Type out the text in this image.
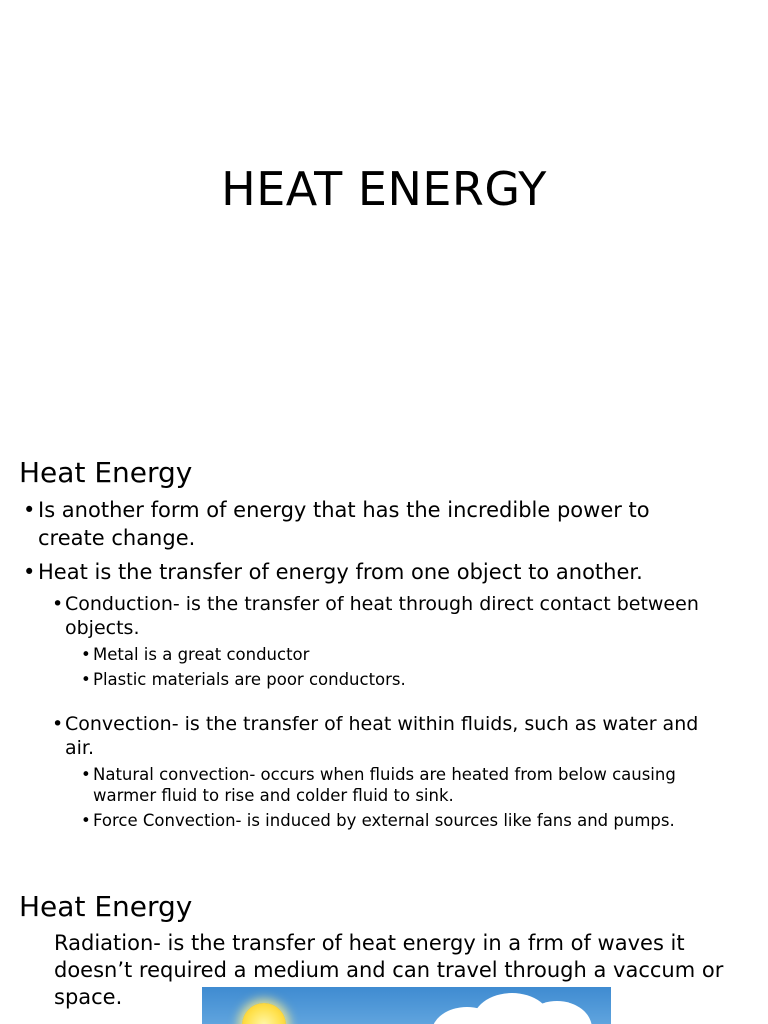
HEAT ENERGY
Heat Energy
• Is another form of energy that has the incredible power to create change.
• Heat is the transfer of energy from one object to another.
• Conduction- is the transfer of heat through direct contact between objects.
• Metal is a great conductor
• Plastic materials are poor conductors.
• Convection- is the transfer of heat within fluids, such as water and air.
• Natural convection- occurs when fluids are heated from below causing warmer fluid to rise and colder fluid to sink.
• Force Convection- is induced by external sources like fans and pumps.
Heat Energy
Radiation- is the transfer of heat energy in a frm of waves it doesn’t required a medium and can travel through a vaccum or space.
